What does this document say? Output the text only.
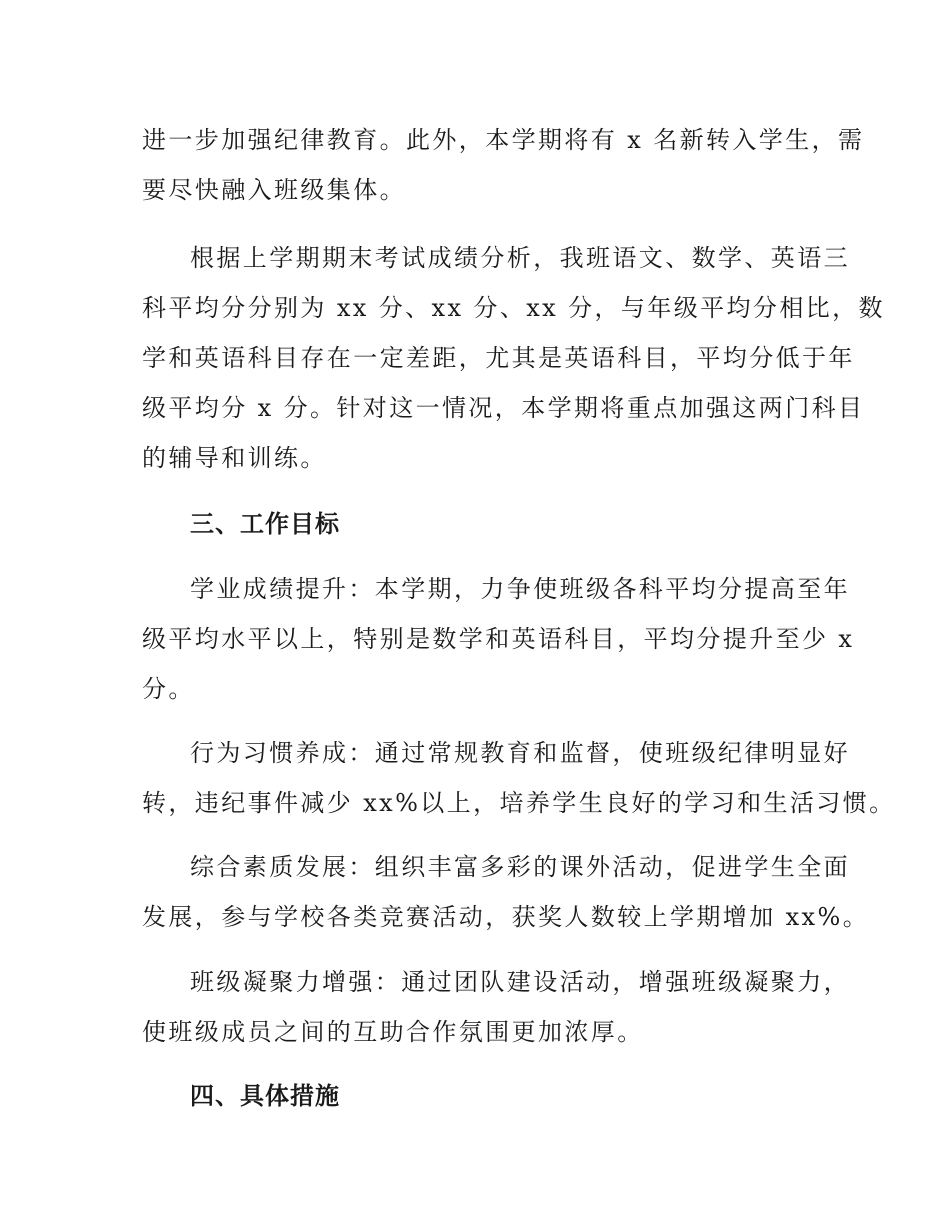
进一步加强纪律教育。此外，本学期将有 x 名新转入学生，需
要尽快融入班级集体。
根据上学期期末考试成绩分析，我班语文、数学、英语三
科平均分分别为 xx 分、xx 分、xx 分，与年级平均分相比，数
学和英语科目存在一定差距，尤其是英语科目，平均分低于年
级平均分 x 分。针对这一情况，本学期将重点加强这两门科目
的辅导和训练。
三、工作目标
学业成绩提升：本学期，力争使班级各科平均分提高至年
级平均水平以上，特别是数学和英语科目，平均分提升至少 x
分。
行为习惯养成：通过常规教育和监督，使班级纪律明显好
转，违纪事件减少 xx%以上，培养学生良好的学习和生活习惯。
综合素质发展：组织丰富多彩的课外活动，促进学生全面
发展，参与学校各类竞赛活动，获奖人数较上学期增加 xx%。
班级凝聚力增强：通过团队建设活动，增强班级凝聚力，
使班级成员之间的互助合作氛围更加浓厚。
四、具体措施
